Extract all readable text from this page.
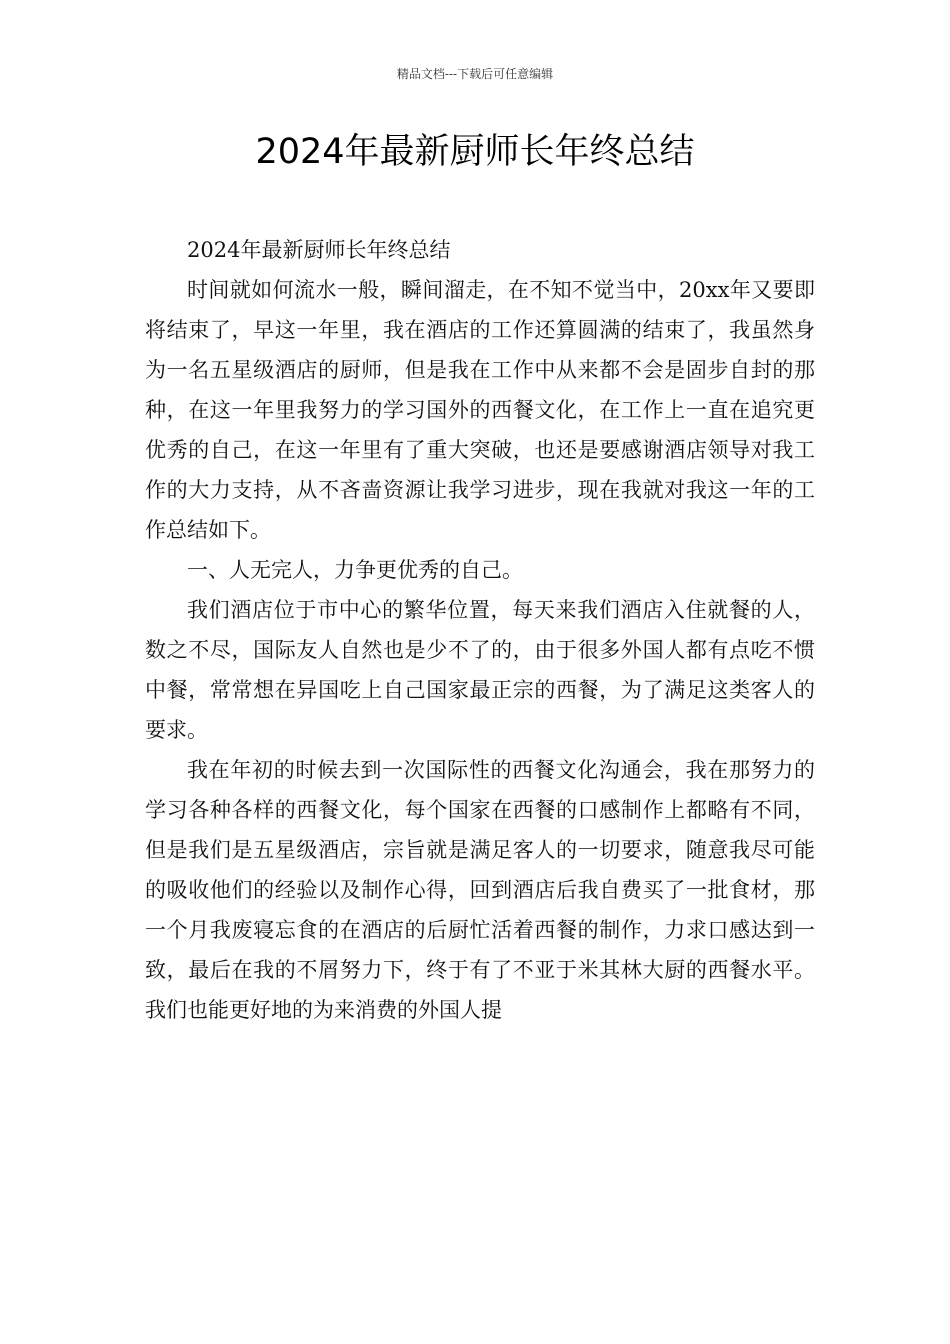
精品文档---下载后可任意编辑
2024年最新厨师长年终总结

2024年最新厨师长年终总结

时间就如何流水一般，瞬间溜走，在不知不觉当中，20xx年又要即将结束了，早这一年里，我在酒店的工作还算圆满的结束了，我虽然身为一名五星级酒店的厨师，但是我在工作中从来都不会是固步自封的那种，在这一年里我努力的学习国外的西餐文化，在工作上一直在追究更优秀的自己，在这一年里有了重大突破，也还是要感谢酒店领导对我工作的大力支持，从不吝啬资源让我学习进步，现在我就对我这一年的工作总结如下。

一、人无完人，力争更优秀的自己。

我们酒店位于市中心的繁华位置，每天来我们酒店入住就餐的人，数之不尽，国际友人自然也是少不了的，由于很多外国人都有点吃不惯中餐，常常想在异国吃上自己国家最正宗的西餐，为了满足这类客人的要求。

我在年初的时候去到一次国际性的西餐文化沟通会，我在那努力的学习各种各样的西餐文化，每个国家在西餐的口感制作上都略有不同，但是我们是五星级酒店，宗旨就是满足客人的一切要求，随意我尽可能的吸收他们的经验以及制作心得，回到酒店后我自费买了一批食材，那一个月我废寝忘食的在酒店的后厨忙活着西餐的制作，力求口感达到一致，最后在我的不屑努力下，终于有了不亚于米其林大厨的西餐水平。我们也能更好地的为来消费的外国人提
